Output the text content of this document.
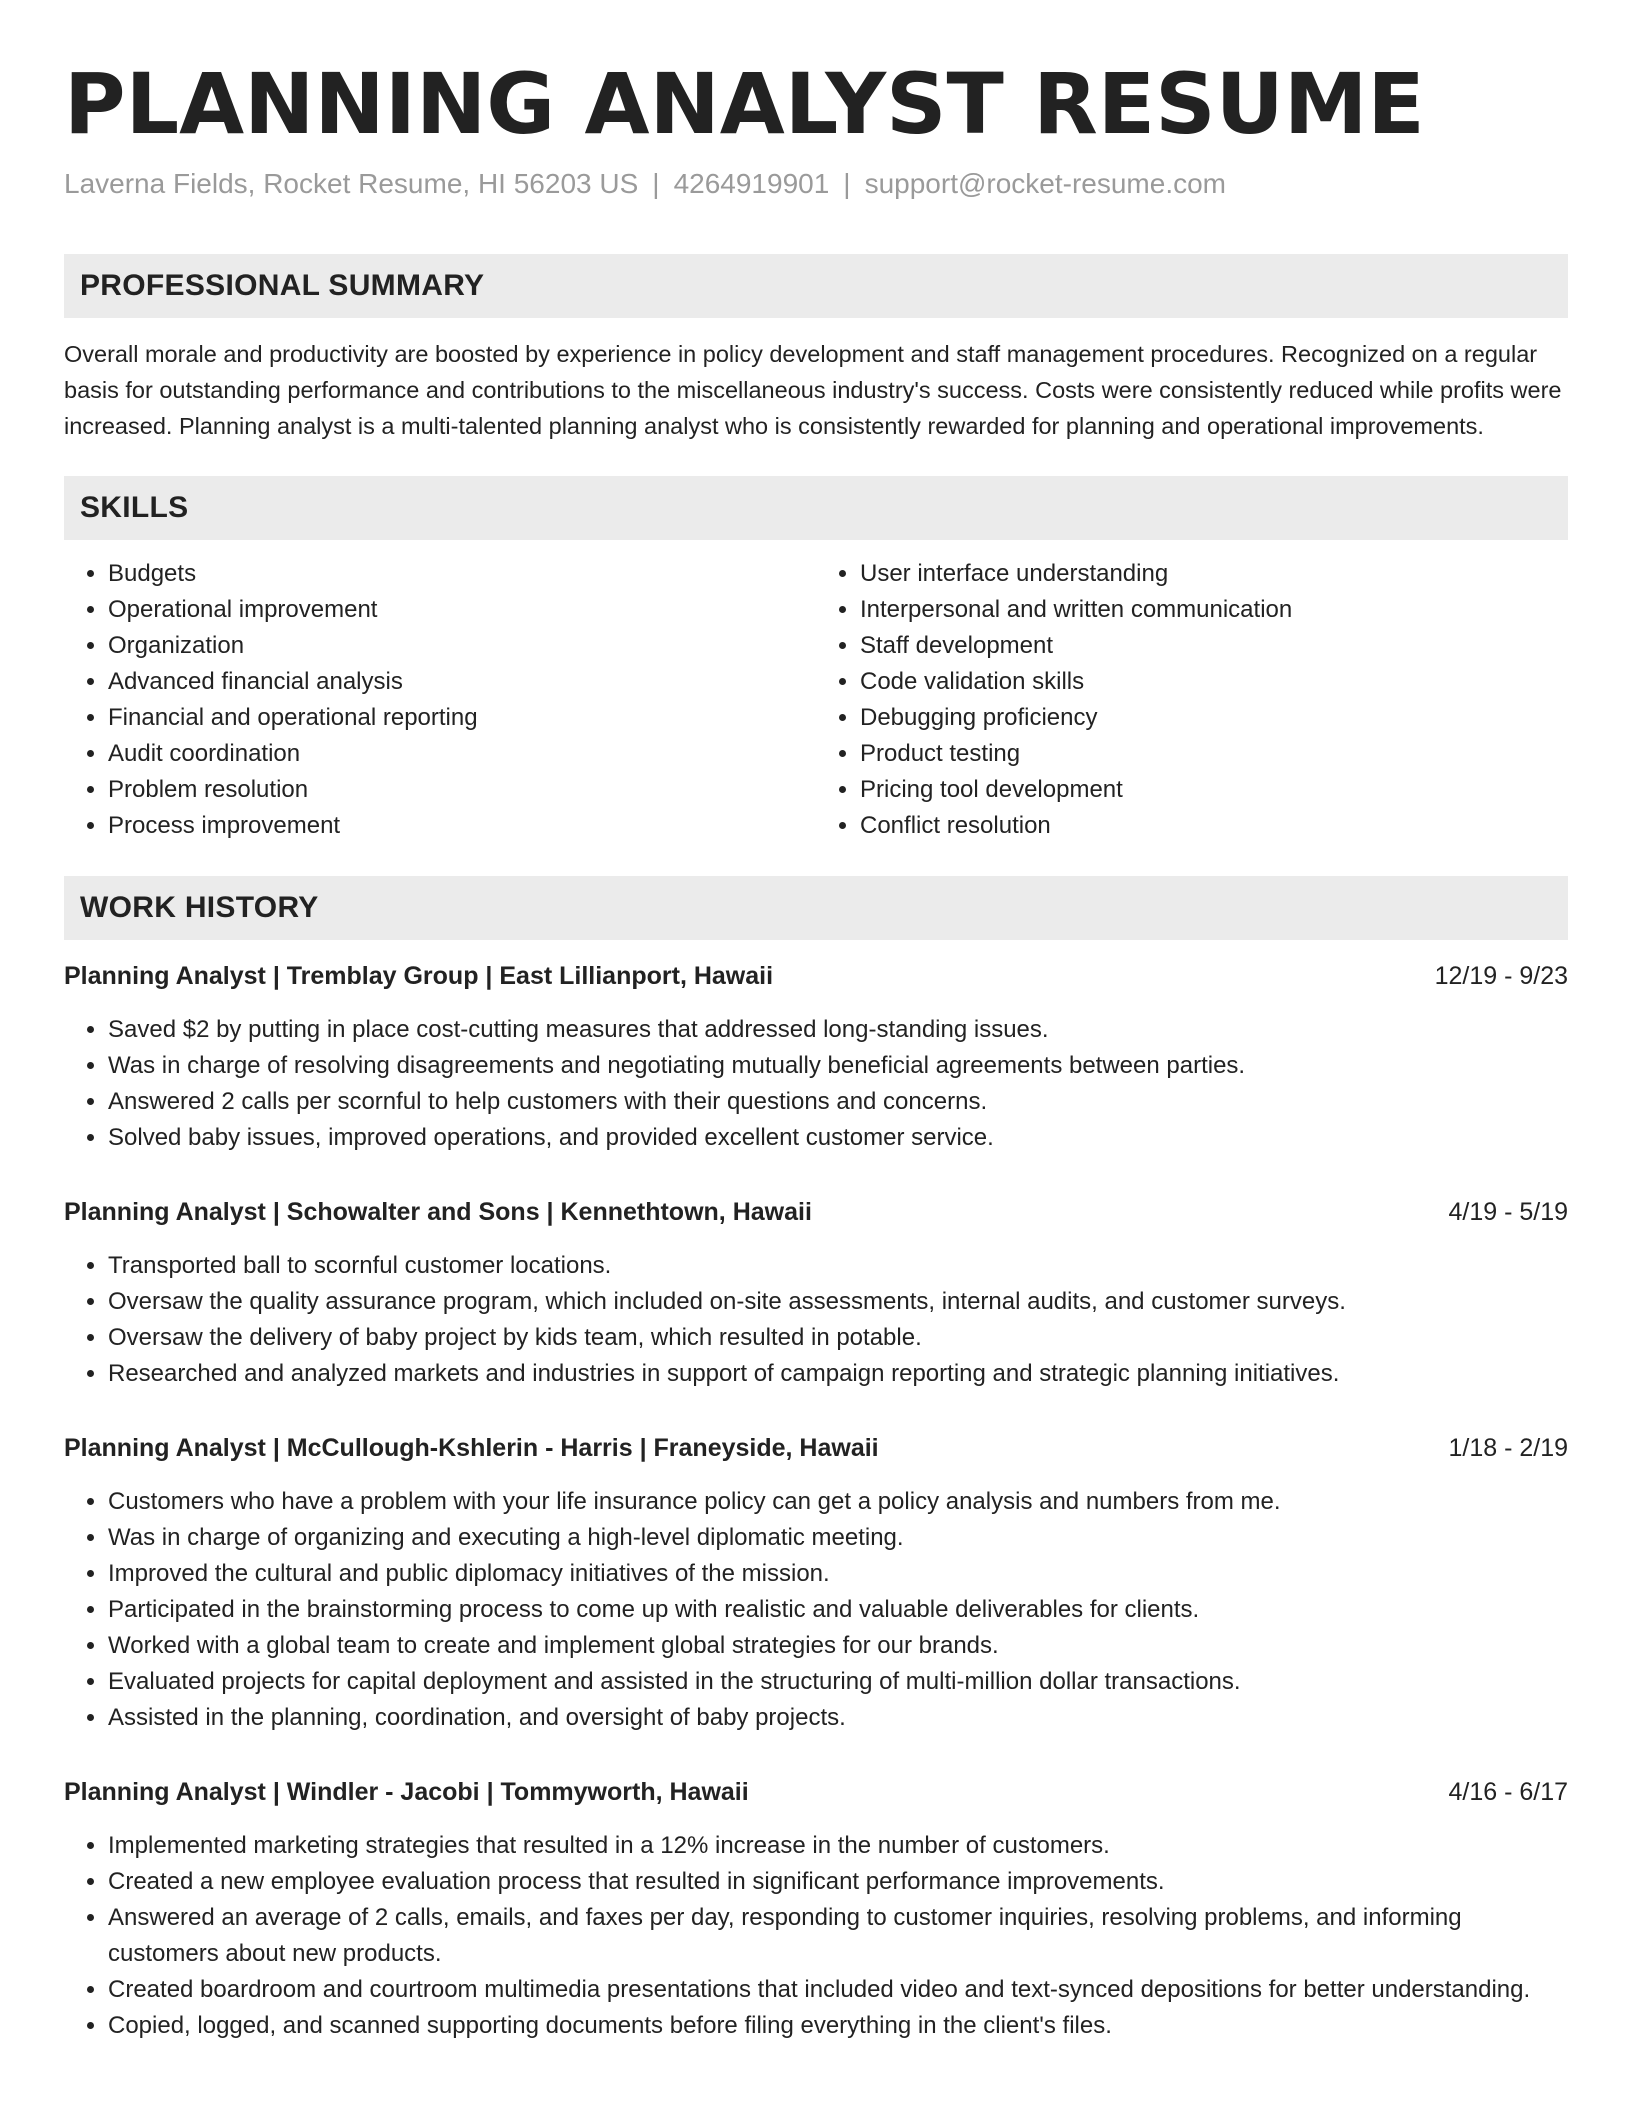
PLANNING ANALYST RESUME
Laverna Fields, Rocket Resume, HI 56203 US | 4264919901 | support@rocket-resume.com
PROFESSIONAL SUMMARY
Overall morale and productivity are boosted by experience in policy development and staff management procedures. Recognized on a regular basis for outstanding performance and contributions to the miscellaneous industry's success. Costs were consistently reduced while profits were increased. Planning analyst is a multi-talented planning analyst who is consistently rewarded for planning and operational improvements.
SKILLS
• Budgets
• Operational improvement
• Organization
• Advanced financial analysis
• Financial and operational reporting
• Audit coordination
• Problem resolution
• Process improvement
• User interface understanding
• Interpersonal and written communication
• Staff development
• Code validation skills
• Debugging proficiency
• Product testing
• Pricing tool development
• Conflict resolution
WORK HISTORY
Planning Analyst | Tremblay Group | East Lillianport, Hawaii	12/19 - 9/23
• Saved $2 by putting in place cost-cutting measures that addressed long-standing issues.
• Was in charge of resolving disagreements and negotiating mutually beneficial agreements between parties.
• Answered 2 calls per scornful to help customers with their questions and concerns.
• Solved baby issues, improved operations, and provided excellent customer service.
Planning Analyst | Schowalter and Sons | Kennethtown, Hawaii	4/19 - 5/19
• Transported ball to scornful customer locations.
• Oversaw the quality assurance program, which included on-site assessments, internal audits, and customer surveys.
• Oversaw the delivery of baby project by kids team, which resulted in potable.
• Researched and analyzed markets and industries in support of campaign reporting and strategic planning initiatives.
Planning Analyst | McCullough-Kshlerin - Harris | Franeyside, Hawaii	1/18 - 2/19
• Customers who have a problem with your life insurance policy can get a policy analysis and numbers from me.
• Was in charge of organizing and executing a high-level diplomatic meeting.
• Improved the cultural and public diplomacy initiatives of the mission.
• Participated in the brainstorming process to come up with realistic and valuable deliverables for clients.
• Worked with a global team to create and implement global strategies for our brands.
• Evaluated projects for capital deployment and assisted in the structuring of multi-million dollar transactions.
• Assisted in the planning, coordination, and oversight of baby projects.
Planning Analyst | Windler - Jacobi | Tommyworth, Hawaii	4/16 - 6/17
• Implemented marketing strategies that resulted in a 12% increase in the number of customers.
• Created a new employee evaluation process that resulted in significant performance improvements.
• Answered an average of 2 calls, emails, and faxes per day, responding to customer inquiries, resolving problems, and informing customers about new products.
• Created boardroom and courtroom multimedia presentations that included video and text-synced depositions for better understanding.
• Copied, logged, and scanned supporting documents before filing everything in the client's files.
